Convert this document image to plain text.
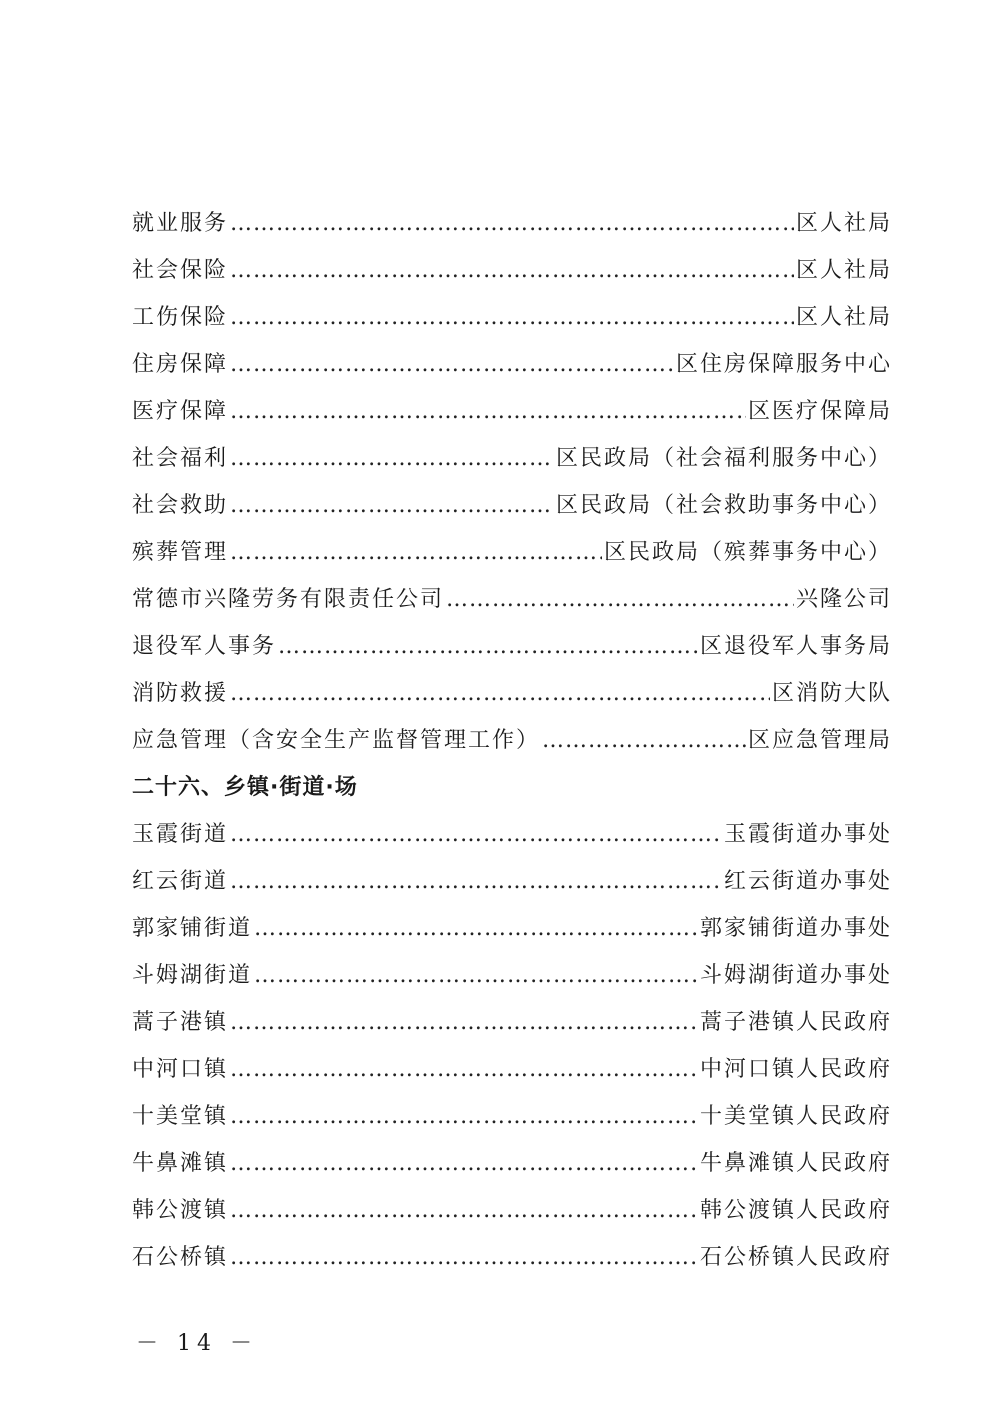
就业服务 ……………………………………………………………………………………………………………………………………………………………………………………………………………	区人社局
社会保险 ……………………………………………………………………………………………………………………………………………………………………………………………………………	区人社局
工伤保险 ……………………………………………………………………………………………………………………………………………………………………………………………………………	区人社局
住房保障 ……………………………………………………………………………………………………………………………………………………………………………………………………………	区住房保障服务中心
医疗保障 ……………………………………………………………………………………………………………………………………………………………………………………………………………	区医疗保障局
社会福利 ……………………………………………………………………………………………………………………………………………………………………………………………………………	区民政局（社会福利服务中心）
社会救助 ……………………………………………………………………………………………………………………………………………………………………………………………………………	区民政局（社会救助事务中心）
殡葬管理 ……………………………………………………………………………………………………………………………………………………………………………………………………………	区民政局（殡葬事务中心）
常德市兴隆劳务有限责任公司 ……………………………………………………………………………………………………………………………………………………………………………………………………………	兴隆公司
退役军人事务 ……………………………………………………………………………………………………………………………………………………………………………………………………………	区退役军人事务局
消防救援 ……………………………………………………………………………………………………………………………………………………………………………………………………………	区消防大队
应急管理（含安全生产监督管理工作） ……………………………………………………………………………………………………………………………………………………………………………………………………………	区应急管理局
二十六、乡镇·街道·场
玉霞街道 ……………………………………………………………………………………………………………………………………………………………………………………………………………	玉霞街道办事处
红云街道 ……………………………………………………………………………………………………………………………………………………………………………………………………………	红云街道办事处
郭家铺街道 ……………………………………………………………………………………………………………………………………………………………………………………………………………	郭家铺街道办事处
斗姆湖街道 ……………………………………………………………………………………………………………………………………………………………………………………………………………	斗姆湖街道办事处
蒿子港镇 ……………………………………………………………………………………………………………………………………………………………………………………………………………	蒿子港镇人民政府
中河口镇 ……………………………………………………………………………………………………………………………………………………………………………………………………………	中河口镇人民政府
十美堂镇 ……………………………………………………………………………………………………………………………………………………………………………………………………………	十美堂镇人民政府
牛鼻滩镇 ……………………………………………………………………………………………………………………………………………………………………………………………………………	牛鼻滩镇人民政府
韩公渡镇 ……………………………………………………………………………………………………………………………………………………………………………………………………………	韩公渡镇人民政府
石公桥镇 ……………………………………………………………………………………………………………………………………………………………………………………………………………	石公桥镇人民政府
－ 14 －
